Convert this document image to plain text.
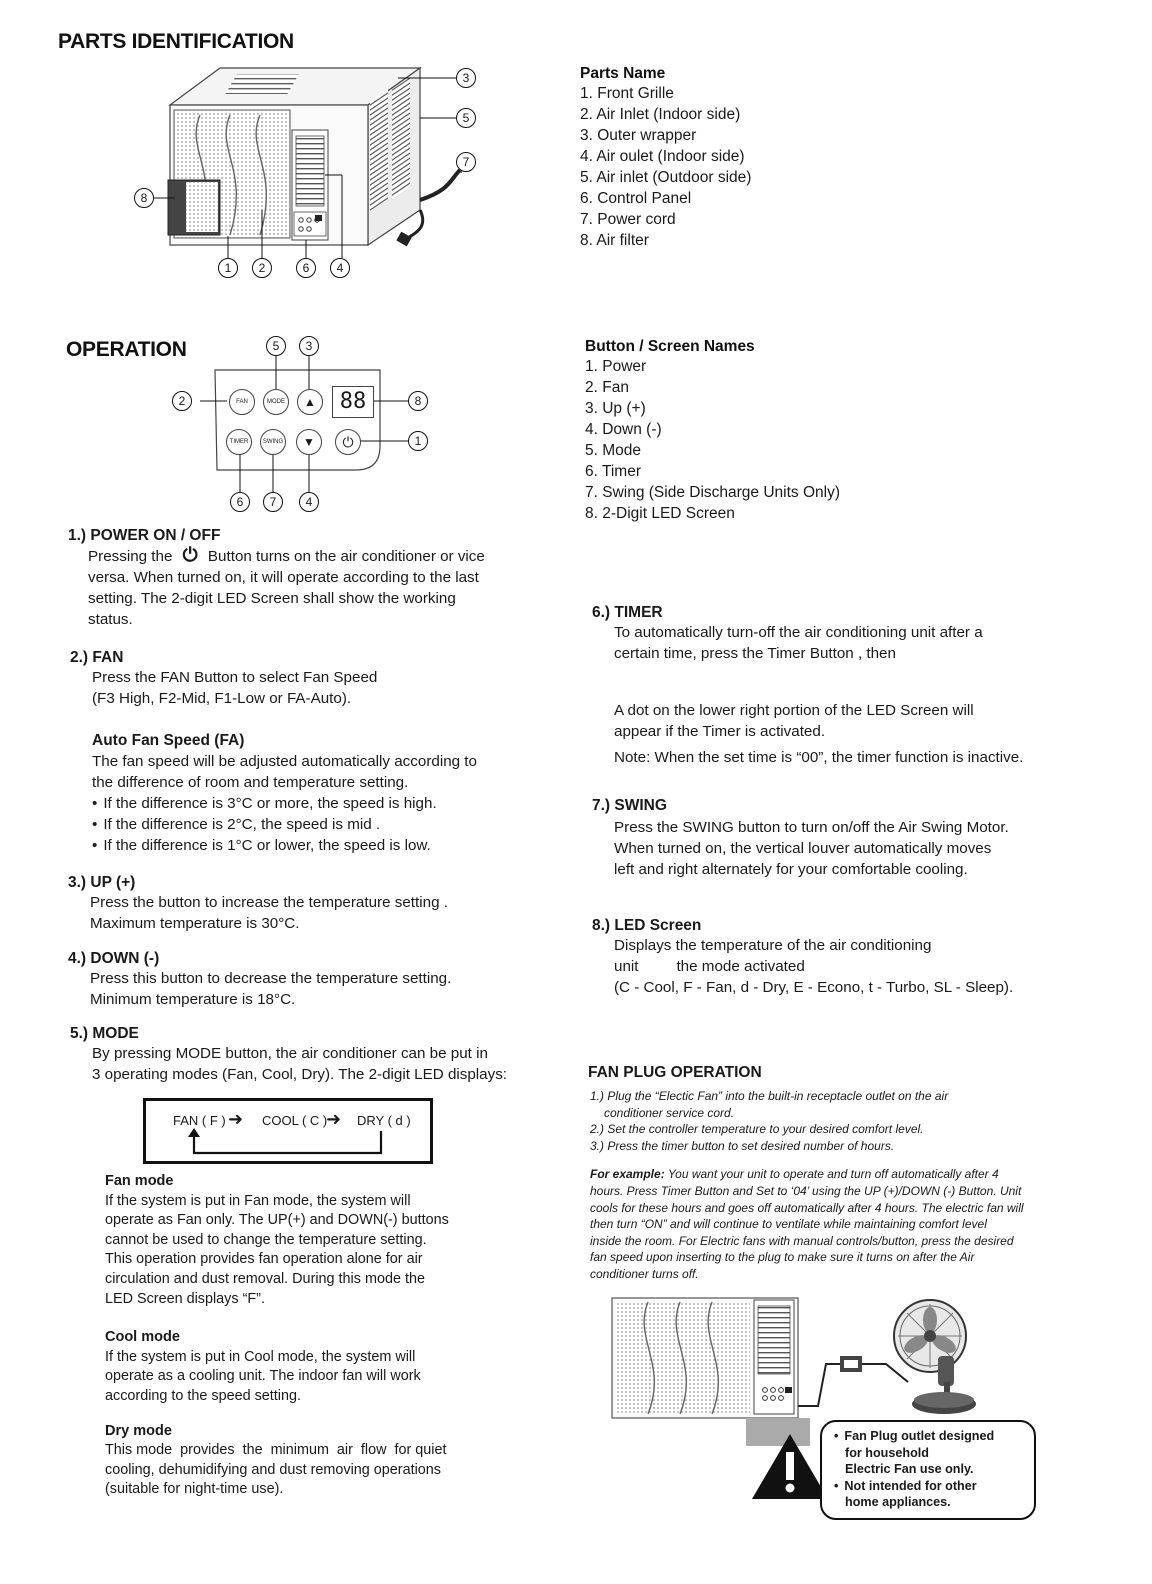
PARTS IDENTIFICATION
3
5
7
8
1	2	6	4
Parts Name
1. Front Grille
2. Air Inlet (Indoor side)
3. Outer wrapper
4. Air oulet (Indoor side)
5. Air inlet (Outdoor side)
6. Control Panel
7. Power cord
8. Air filter
OPERATION
FAN	MODE	▲	88
TIMER	SWING	▼	⏻
5	3
2	8
1
6	7	4
Button / Screen Names
1. Power
2. Fan
3. Up (+)
4. Down (-)
5. Mode
6. Timer
7. Swing (Side Discharge Units Only)
8. 2-Digit LED Screen
1.) POWER ON / OFF
Pressing the ⏻ Button turns on the air conditioner or vice
versa. When turned on, it will operate according to the last
setting. The 2-digit LED Screen shall show the working
status.
2.) FAN
Press the FAN Button to select Fan Speed
(F3 High, F2-Mid, F1-Low or FA-Auto).
Auto Fan Speed (FA)
The fan speed will be adjusted automatically according to
the difference of room and temperature setting.
• If the difference is 3°C or more, the speed is high.
• If the difference is 2°C, the speed is mid .
• If the difference is 1°C or lower, the speed is low.
3.) UP (+)
Press the button to increase the temperature setting .
Maximum temperature is 30°C.
4.) DOWN (-)
Press this button to decrease the temperature setting.
Minimum temperature is 18°C.
5.) MODE
By pressing MODE button, the air conditioner can be put in
3 operating modes (Fan, Cool, Dry). The 2-digit LED displays:
FAN ( F ) ➜ COOL ( C )
➜ DRY ( d )
Fan mode
If the system is put in Fan mode, the system will
operate as Fan only. The UP(+) and DOWN(-) buttons
cannot be used to change the temperature setting.
This operation provides fan operation alone for air
circulation and dust removal. During this mode the
LED Screen displays “F”.
Cool mode
If the system is put in Cool mode, the system will
operate as a cooling unit. The indoor fan will work
according to the speed setting.
Dry mode
This mode  provides  the  minimum  air  flow  for quiet
cooling, dehumidifying and dust removing operations
(suitable for night-time use).
6.) TIMER
To automatically turn-off the air conditioning unit after a
certain time, press the Timer Button , then
A dot on the lower right portion of the LED Screen will
appear if the Timer is activated.
Note: When the set time is “00”, the timer function is inactive.
7.) SWING
Press the SWING button to turn on/off the Air Swing Motor.
When turned on, the vertical louver automatically moves
left and right alternately for your comfortable cooling.
8.) LED Screen
Displays the temperature of the air conditioning
unit         the mode activated
(C - Cool, F - Fan, d - Dry, E - Econo, t - Turbo, SL - Sleep).
FAN PLUG OPERATION
1.) Plug the “Electic Fan” into the built-in receptacle outlet on the air
conditioner service cord.
2.) Set the controller temperature to your desired comfort level.
3.) Press the timer button to set desired number of hours.
For example: You want your unit to operate and turn off automatically after 4
hours. Press Timer Button and Set to ‘04’ using the UP (+)/DOWN (-) Button. Unit
cools for these hours and goes off automatically after 4 hours. The electric fan will
then turn “ON” and will continue to ventilate while maintaining comfort level
inside the room. For Electric fans with manual controls/button, press the desired
fan speed upon inserting to the plug to make sure it turns on after the Air
conditioner turns off.
• Fan Plug outlet designed
for household
Electric Fan use only.
• Not intended for other
home appliances.
